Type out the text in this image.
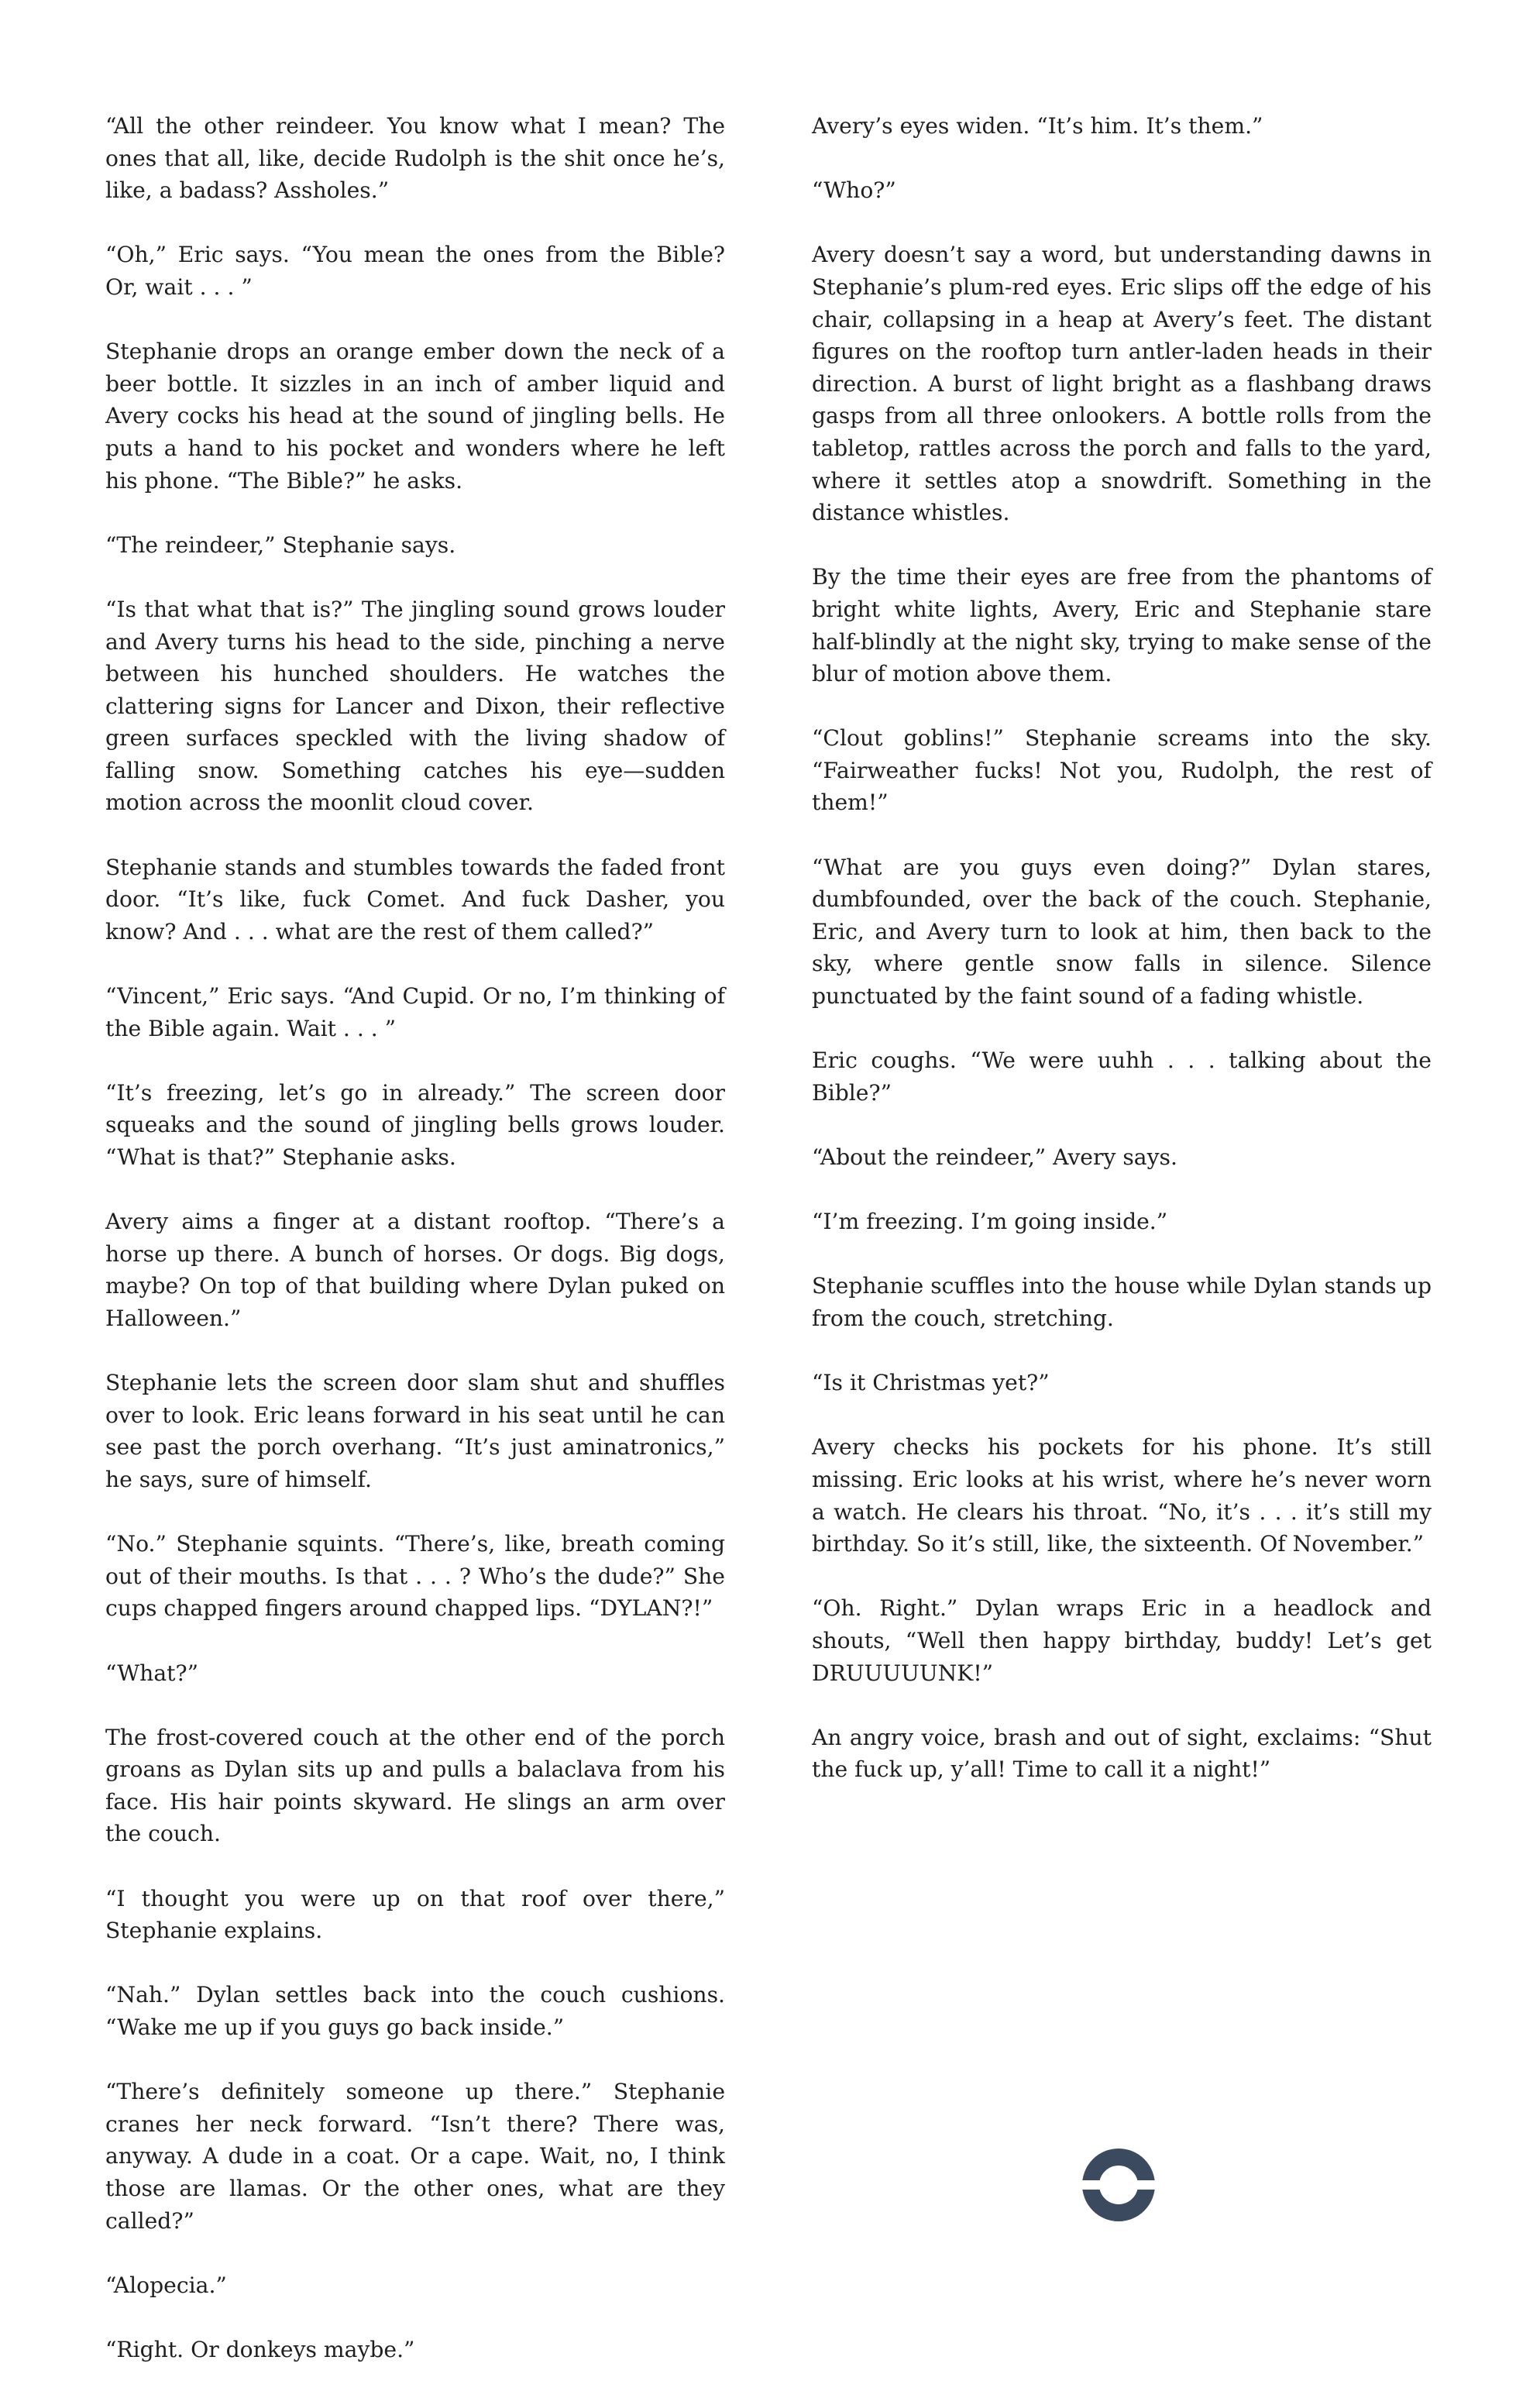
“All the other reindeer. You know what I mean? The ones that all, like, decide Rudolph is the shit once he’s, like, a badass? Assholes.”

“Oh,” Eric says. “You mean the ones from the Bible? Or, wait . . . ”

Stephanie drops an orange ember down the neck of a beer bottle. It sizzles in an inch of amber liquid and Avery cocks his head at the sound of jingling bells. He puts a hand to his pocket and wonders where he left his phone. “The Bible?” he asks.

“The reindeer,” Stephanie says.

“Is that what that is?” The jingling sound grows louder and Avery turns his head to the side, pinching a nerve between his hunched shoulders. He watches the clattering signs for Lancer and Dixon, their reflective green surfaces speckled with the living shadow of falling snow. Something catches his eye—sudden motion across the moonlit cloud cover.

Stephanie stands and stumbles towards the faded front door. “It’s like, fuck Comet. And fuck Dasher, you know? And . . . what are the rest of them called?”

“Vincent,” Eric says. “And Cupid. Or no, I’m thinking of the Bible again. Wait . . . ”

“It’s freezing, let’s go in already.” The screen door squeaks and the sound of jingling bells grows louder. “What is that?” Stephanie asks.

Avery aims a finger at a distant rooftop. “There’s a horse up there. A bunch of horses. Or dogs. Big dogs, maybe? On top of that building where Dylan puked on Halloween.”

Stephanie lets the screen door slam shut and shuffles over to look. Eric leans forward in his seat until he can see past the porch overhang. “It’s just aminatronics,” he says, sure of himself.

“No.” Stephanie squints. “There’s, like, breath coming out of their mouths. Is that . . . ? Who’s the dude?” She cups chapped fingers around chapped lips. “DYLAN?!”

“What?”

The frost-covered couch at the other end of the porch groans as Dylan sits up and pulls a balaclava from his face. His hair points skyward. He slings an arm over the couch.

“I thought you were up on that roof over there,” Stephanie explains.

“Nah.” Dylan settles back into the couch cushions. “Wake me up if you guys go back inside.”

“There’s definitely someone up there.” Stephanie cranes her neck forward. “Isn’t there? There was, anyway. A dude in a coat. Or a cape. Wait, no, I think those are llamas. Or the other ones, what are they called?”

“Alopecia.”

“Right. Or donkeys maybe.”

Avery’s eyes widen. “It’s him. It’s them.”

“Who?”

Avery doesn’t say a word, but understanding dawns in Stephanie’s plum-red eyes. Eric slips off the edge of his chair, collapsing in a heap at Avery’s feet. The distant figures on the rooftop turn antler-laden heads in their direction. A burst of light bright as a flashbang draws gasps from all three onlookers. A bottle rolls from the tabletop, rattles across the porch and falls to the yard, where it settles atop a snowdrift. Something in the distance whistles.

By the time their eyes are free from the phantoms of bright white lights, Avery, Eric and Stephanie stare half-blindly at the night sky, trying to make sense of the blur of motion above them.

“Clout goblins!” Stephanie screams into the sky. “Fairweather fucks! Not you, Rudolph, the rest of them!”

“What are you guys even doing?” Dylan stares, dumbfounded, over the back of the couch. Stephanie, Eric, and Avery turn to look at him, then back to the sky, where gentle snow falls in silence. Silence punctuated by the faint sound of a fading whistle.

Eric coughs. “We were uuhh . . . talking about the Bible?”

“About the reindeer,” Avery says.

“I’m freezing. I’m going inside.”

Stephanie scuffles into the house while Dylan stands up from the couch, stretching.

“Is it Christmas yet?”

Avery checks his pockets for his phone. It’s still missing. Eric looks at his wrist, where he’s never worn a watch. He clears his throat. “No, it’s . . . it’s still my birthday. So it’s still, like, the sixteenth. Of November.”

“Oh. Right.” Dylan wraps Eric in a headlock and shouts, “Well then happy birthday, buddy! Let’s get DRUUUUUNK!”

An angry voice, brash and out of sight, exclaims: “Shut the fuck up, y’all! Time to call it a night!”
